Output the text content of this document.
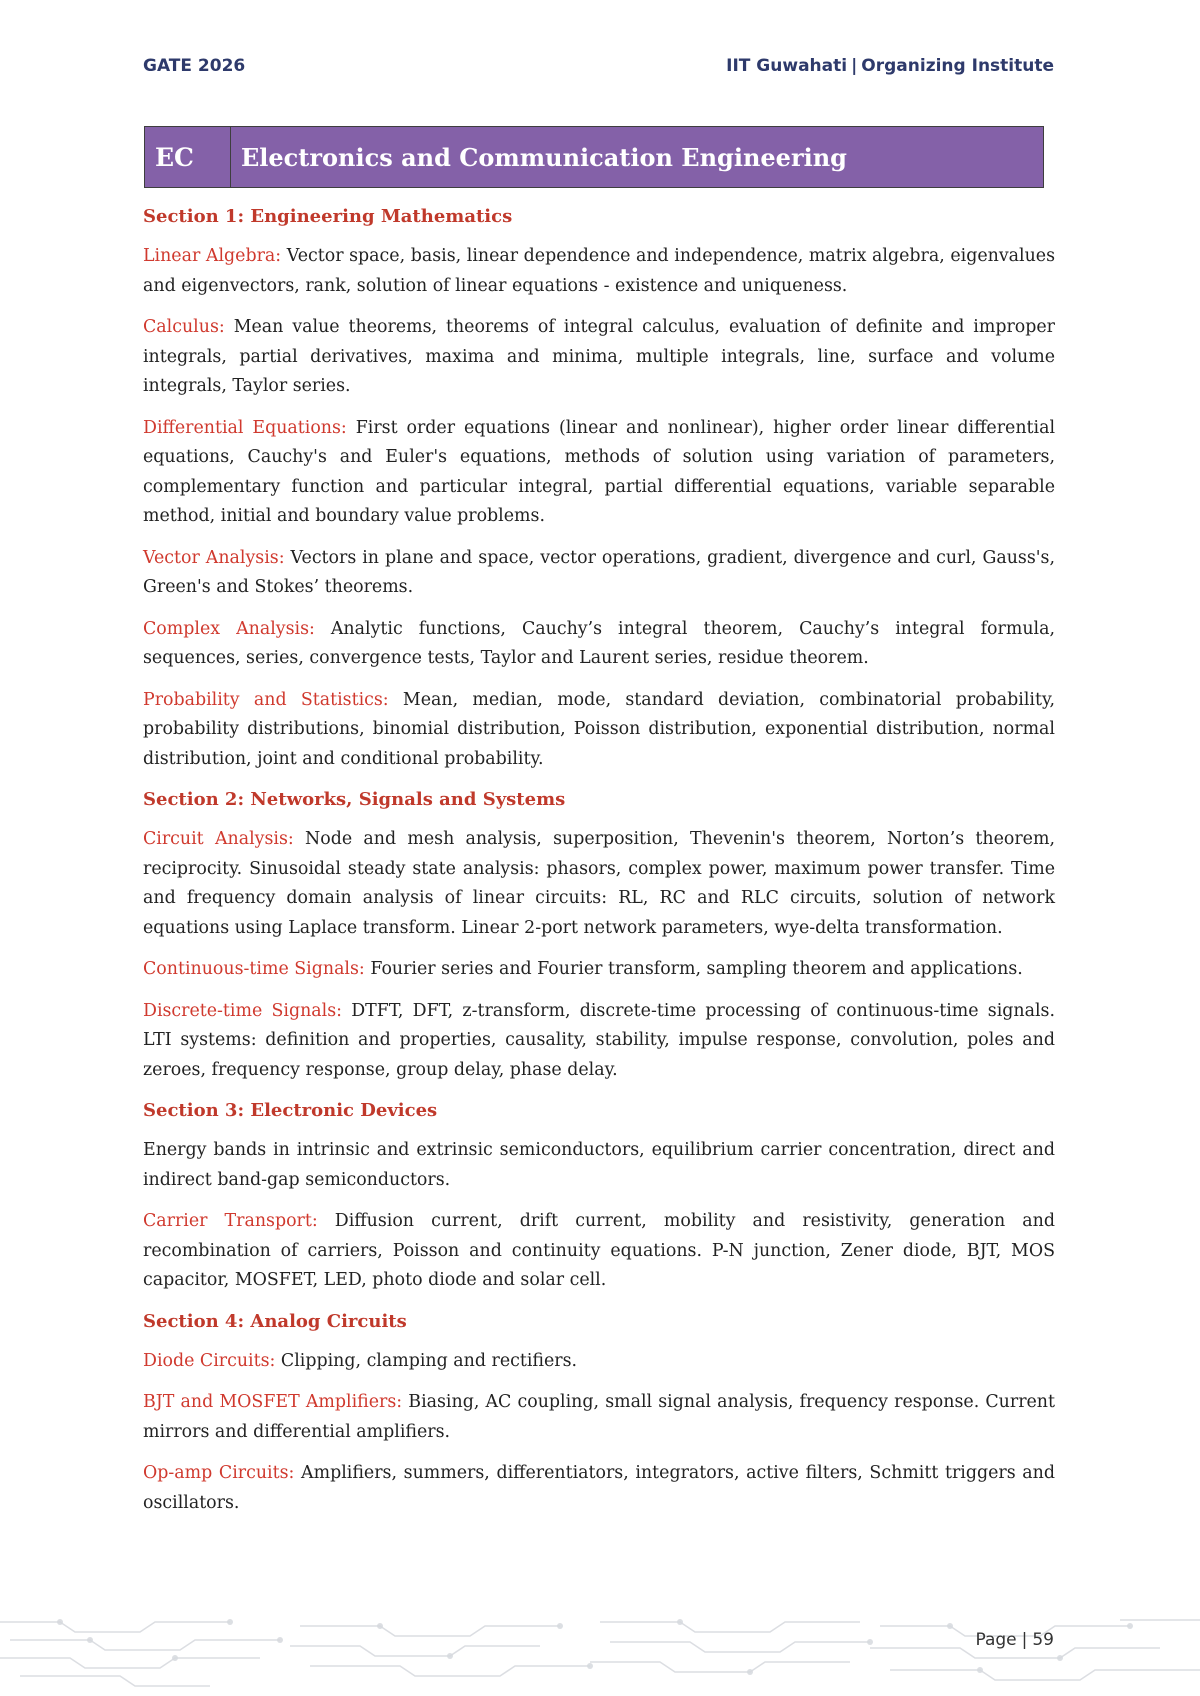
GATE 2026	IIT Guwahati | Organizing Institute
EC	Electronics and Communication Engineering
Section 1: Engineering Mathematics
Linear Algebra: Vector space, basis, linear dependence and independence, matrix algebra, eigenvalues and eigenvectors, rank, solution of linear equations - existence and uniqueness.
Calculus: Mean value theorems, theorems of integral calculus, evaluation of definite and improper integrals, partial derivatives, maxima and minima, multiple integrals, line, surface and volume integrals, Taylor series.
Differential Equations: First order equations (linear and nonlinear), higher order linear differential equations, Cauchy's and Euler's equations, methods of solution using variation of parameters, complementary function and particular integral, partial differential equations, variable separable method, initial and boundary value problems.
Vector Analysis: Vectors in plane and space, vector operations, gradient, divergence and curl, Gauss's, Green's and Stokes’ theorems.
Complex Analysis: Analytic functions, Cauchy’s integral theorem, Cauchy’s integral formula, sequences, series, convergence tests, Taylor and Laurent series, residue theorem.
Probability and Statistics: Mean, median, mode, standard deviation, combinatorial probability, probability distributions, binomial distribution, Poisson distribution, exponential distribution, normal distribution, joint and conditional probability.
Section 2: Networks, Signals and Systems
Circuit Analysis: Node and mesh analysis, superposition, Thevenin's theorem, Norton’s theorem, reciprocity. Sinusoidal steady state analysis: phasors, complex power, maximum power transfer. Time and frequency domain analysis of linear circuits: RL, RC and RLC circuits, solution of network equations using Laplace transform. Linear 2-port network parameters, wye-delta transformation.
Continuous-time Signals: Fourier series and Fourier transform, sampling theorem and applications.
Discrete-time Signals: DTFT, DFT, z-transform, discrete-time processing of continuous-time signals. LTI systems: definition and properties, causality, stability, impulse response, convolution, poles and zeroes, frequency response, group delay, phase delay.
Section 3: Electronic Devices
Energy bands in intrinsic and extrinsic semiconductors, equilibrium carrier concentration, direct and indirect band-gap semiconductors.
Carrier Transport: Diffusion current, drift current, mobility and resistivity, generation and recombination of carriers, Poisson and continuity equations. P-N junction, Zener diode, BJT, MOS capacitor, MOSFET, LED, photo diode and solar cell.
Section 4: Analog Circuits
Diode Circuits: Clipping, clamping and rectifiers.
BJT and MOSFET Amplifiers: Biasing, AC coupling, small signal analysis, frequency response. Current mirrors and differential amplifiers.
Op-amp Circuits: Amplifiers, summers, differentiators, integrators, active filters, Schmitt triggers and oscillators.
Page | 59
